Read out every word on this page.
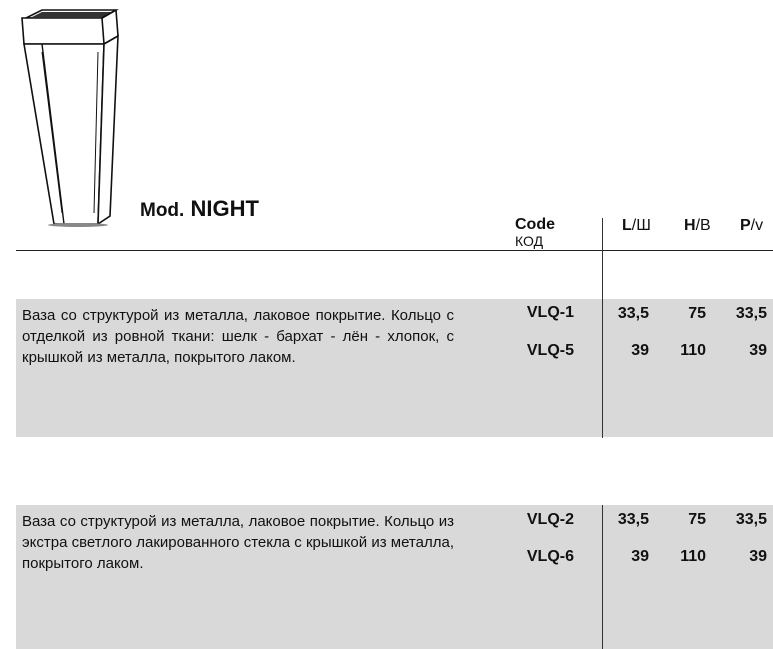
Mod. NIGHT
Code
КОД
L/Ш H/В P/v
Ваза со структурой из металла, лаковое покрытие. Кольцо с отделкой из ровной ткани: шелк - бархат - лён - хлопок, с крышкой из металла, покрытого лаком.
VLQ-1	33,5	75	33,5
VLQ-5	39	110	39
Ваза со структурой из металла, лаковое покрытие. Кольцо из экстра светлого лакированного стекла с крышкой из металла, покрытого лаком.
VLQ-2	33,5	75	33,5
VLQ-6	39	110	39
